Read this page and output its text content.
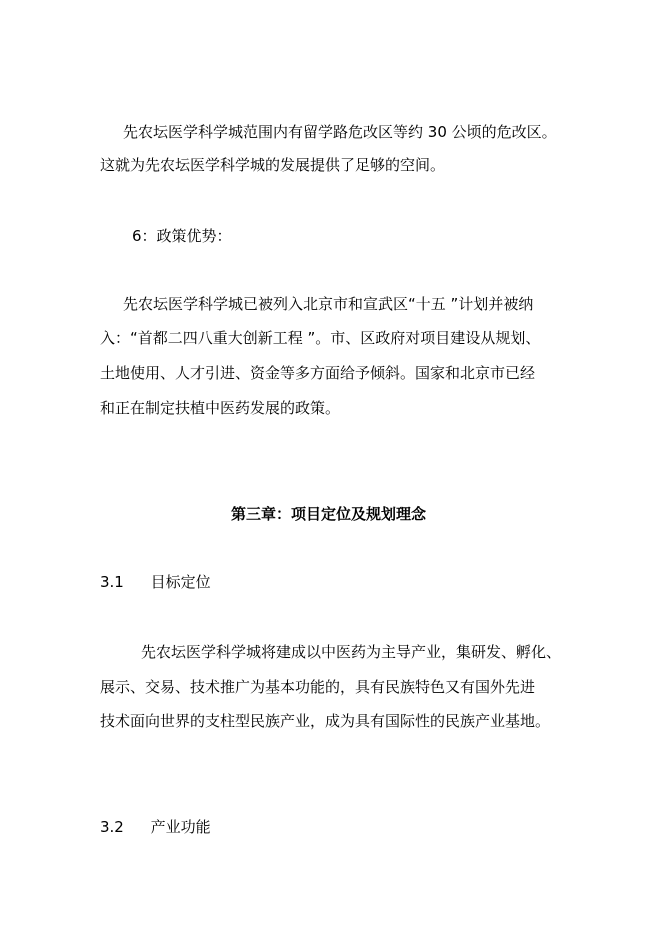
先农坛医学科学城范围内有留学路危改区等约 30 公顷的危改区。
这就为先农坛医学科学城的发展提供了足够的空间。
6：政策优势：
先农坛医学科学城已被列入北京市和宣武区“十五 ”计划并被纳
入：“首都二四八重大创新工程 ”。市、区政府对项目建设从规划、
土地使用、人才引进、资金等多方面给予倾斜。国家和北京市已经
和正在制定扶植中医药发展的政策。
第三章：项目定位及规划理念
3.1 目标定位
先农坛医学科学城将建成以中医药为主导产业，集研发、孵化、
展示、交易、技术推广为基本功能的，具有民族特色又有国外先进
技术面向世界的支柱型民族产业，成为具有国际性的民族产业基地。
3.2 产业功能
